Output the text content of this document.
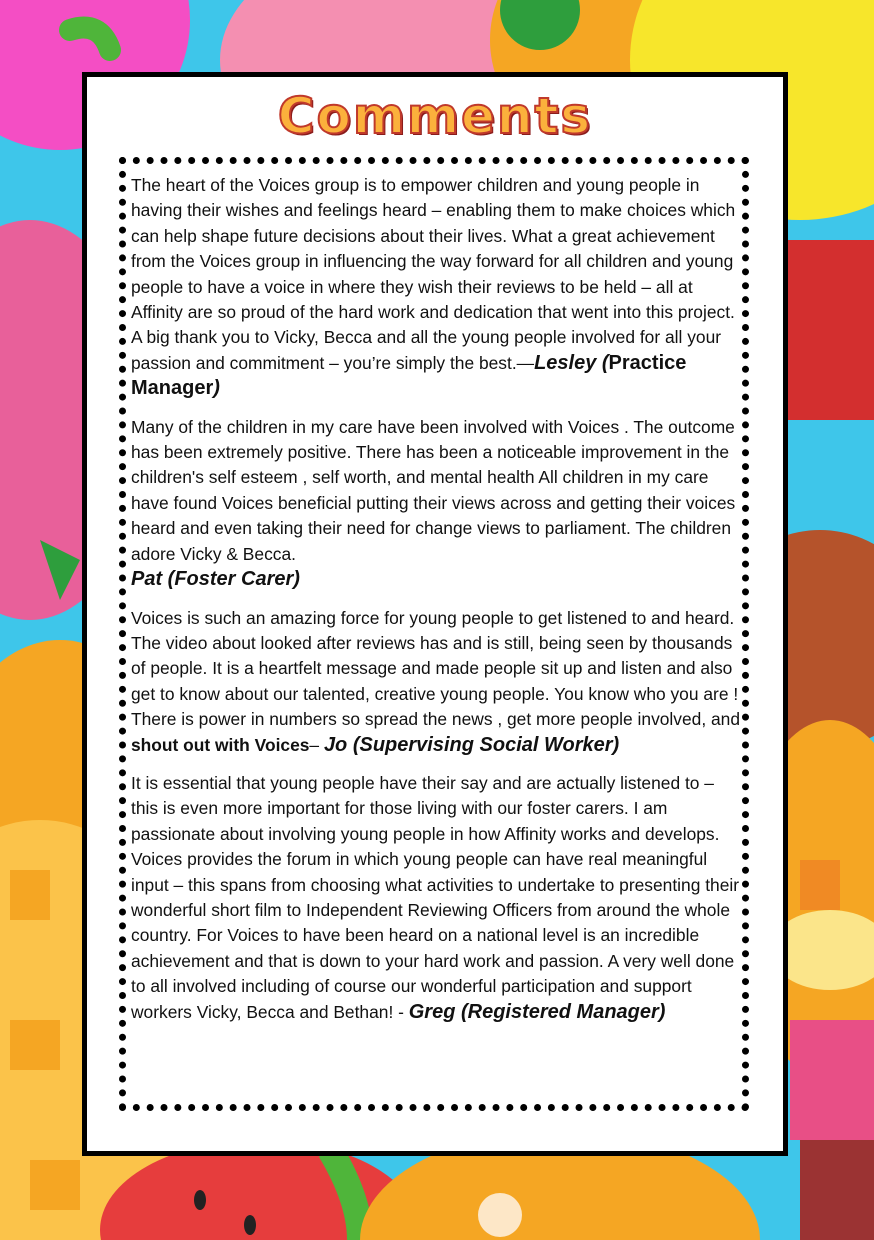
Comments

The heart of the Voices group is to empower children and young people in having their wishes and feelings heard – enabling them to make choices which can help shape future decisions about their lives. What a great achievement from the Voices group in influencing the way forward for all children and young people to have a voice in where they wish their reviews to be held – all at Affinity are so proud of the hard work and dedication that went into this project. A big thank you to Vicky, Becca and all the young people involved for all your passion and commitment – you’re simply the best.—Lesley (Practice Manager)

Many of the children in my care have been involved with Voices . The outcome has been extremely positive. There has been a noticeable improvement in the children's self esteem , self worth, and mental health All children in my care have found Voices beneficial putting their views across and getting their voices heard and even taking their need for change views to parliament. The children adore Vicky & Becca.
Pat (Foster Carer)

Voices is such an amazing force for young people to get listened to and heard. The video about looked after reviews has and is still, being seen by thousands of people. It is a heartfelt message and made people sit up and listen and also get to know about our talented, creative young people. You know who you are ! There is power in numbers so spread the news , get more people involved, and shout out with Voices– Jo (Supervising Social Worker)

It is essential that young people have their say and are actually listened to – this is even more important for those living with our foster carers. I am passionate about involving young people in how Affinity works and develops. Voices provides the forum in which young people can have real meaningful input – this spans from choosing what activities to undertake to presenting their wonderful short film to Independent Reviewing Officers from around the whole country. For Voices to have been heard on a national level is an incredible achievement and that is down to your hard work and passion. A very well done to all involved including of course our wonderful participation and support workers Vicky, Becca and Bethan! - Greg (Registered Manager)
